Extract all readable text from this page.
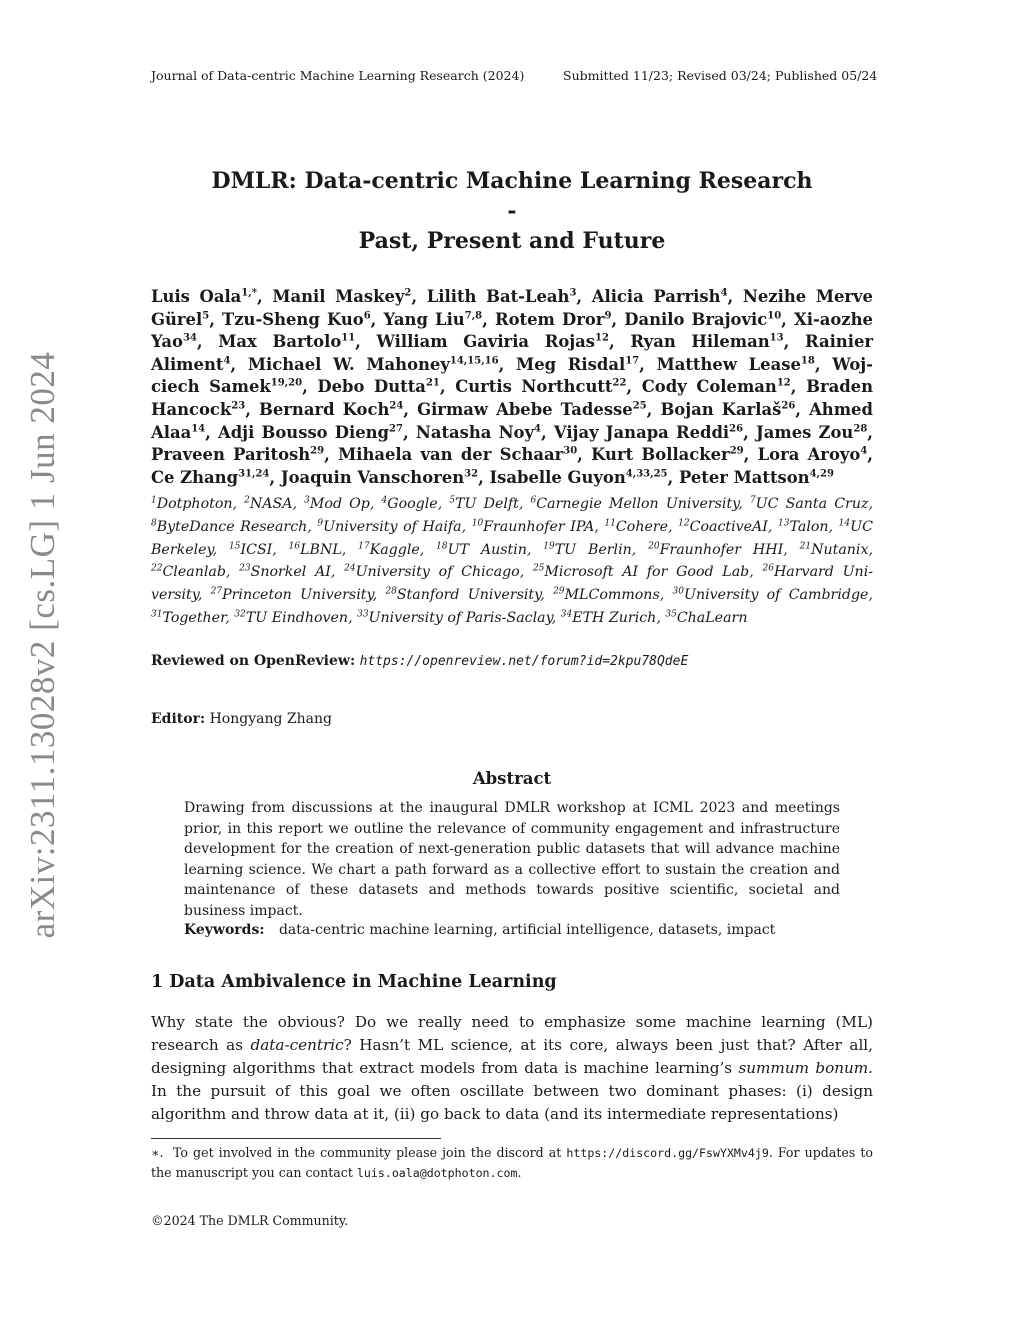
Journal of Data-centric Machine Learning Research (2024)	Submitted 11/23; Revised 03/24; Published 05/24
arXiv:2311.13028v2 [cs.LG] 1 Jun 2024
DMLR: Data-centric Machine Learning Research
-
Past, Present and Future

Luis Oala$^{1,*}$, Manil Maskey$^2$, Lilith Bat-Leah$^3$, Alicia Parrish$^4$, Nezihe Merve Gürel$^5$, Tzu-Sheng Kuo$^6$, Yang Liu$^{7,8}$, Rotem Dror$^9$, Danilo Brajovic$^{10}$, Xi-aozhe Yao$^{34}$, Max Bartolo$^{11}$, William Gaviria Rojas$^{12}$, Ryan Hileman$^{13}$, Rainier Aliment$^4$, Michael W. Mahoney$^{14,15,16}$, Meg Risdal$^{17}$, Matthew Lease$^{18}$, Woj-ciech Samek$^{19,20}$, Debo Dutta$^{21}$, Curtis Northcutt$^{22}$, Cody Coleman$^{12}$, Braden Hancock$^{23}$, Bernard Koch$^{24}$, Girmaw Abebe Tadesse$^{25}$, Bojan Karlaš$^{26}$, Ahmed Alaa$^{14}$, Adji Bousso Dieng$^{27}$, Natasha Noy$^4$, Vijay Janapa Reddi$^{26}$, James Zou$^{28}$, Praveen Paritosh$^{29}$, Mihaela van der Schaar$^{30}$, Kurt Bollacker$^{29}$, Lora Aroyo$^4$, Ce Zhang$^{31,24}$, Joaquin Vanschoren$^{32}$, Isabelle Guyon$^{4,33,25}$, Peter Mattson$^{4,29}$

$^1$Dotphoton, $^2$NASA, $^3$Mod Op, $^4$Google, $^5$TU Delft, $^6$Carnegie Mellon University, $^7$UC Santa Cruz, $^8$ByteDance Research, $^9$University of Haifa, $^{10}$Fraunhofer IPA, $^{11}$Cohere, $^{12}$CoactiveAI, $^{13}$Talon, $^{14}$UC Berkeley, $^{15}$ICSI, $^{16}$LBNL, $^{17}$Kaggle, $^{18}$UT Austin, $^{19}$TU Berlin, $^{20}$Fraunhofer HHI, $^{21}$Nutanix, $^{22}$Cleanlab, $^{23}$Snorkel AI, $^{24}$University of Chicago, $^{25}$Microsoft AI for Good Lab, $^{26}$Harvard Uni-versity, $^{27}$Princeton University, $^{28}$Stanford University, $^{29}$MLCommons, $^{30}$University of Cambridge, $^{31}$Together, $^{32}$TU Eindhoven, $^{33}$University of Paris-Saclay, $^{34}$ETH Zurich, $^{35}$ChaLearn

Reviewed on OpenReview: https://openreview.net/forum?id=2kpu78QdeE
Editor: Hongyang Zhang
Abstract

Drawing from discussions at the inaugural DMLR workshop at ICML 2023 and meetings prior, in this report we outline the relevance of community engagement and infrastructure development for the creation of next-generation public datasets that will advance machine learning science. We chart a path forward as a collective effort to sustain the creation and maintenance of these datasets and methods towards positive scientific, societal and business impact.

Keywords: data-centric machine learning, artificial intelligence, datasets, impact
1 Data Ambivalence in Machine Learning

Why state the obvious? Do we really need to emphasize some machine learning (ML) research as data-centric? Hasn’t ML science, at its core, always been just that? After all, designing algorithms that extract models from data is machine learning’s summum bonum. In the pursuit of this goal we often oscillate between two dominant phases: (i) design algorithm and throw data at it, (ii) go back to data (and its intermediate representations)

∗. To get involved in the community please join the discord at https://discord.gg/FswYXMv4j9. For updates to the manuscript you can contact luis.oala@dotphoton.com.

©2024 The DMLR Community.
